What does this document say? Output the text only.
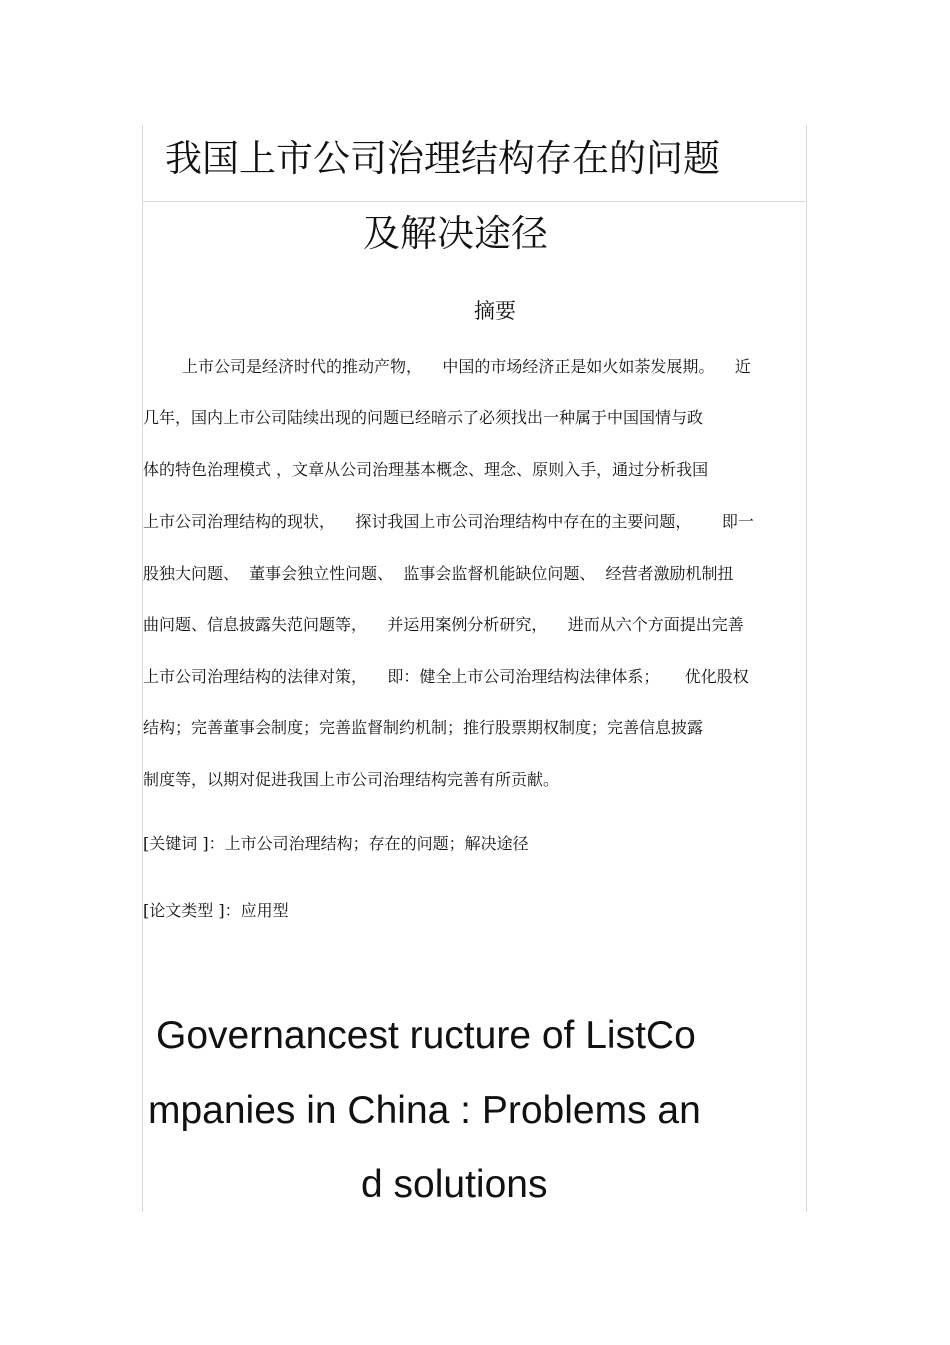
我国上市公司治理结构存在的问题
及解决途径
摘要
上市公司是经济时代的推动产物，    中国的市场经济正是如火如荼发展期。    近
几年，国内上市公司陆续出现的问题已经暗示了必须找出一种属于中国国情与政
体的特色治理模式 ，文章从公司治理基本概念、理念、原则入手，通过分析我国
上市公司治理结构的现状，    探讨我国上市公司治理结构中存在的主要问题，      即一
股独大问题、  董事会独立性问题、  监事会监督机能缺位问题、  经营者激励机制扭
曲问题、信息披露失范问题等，    并运用案例分析研究，    进而从六个方面提出完善
上市公司治理结构的法律对策，    即：健全上市公司治理结构法律体系；     优化股权
结构；完善董事会制度；完善监督制约机制；推行股票期权制度；完善信息披露
制度等，以期对促进我国上市公司治理结构完善有所贡献。
[关键词 ]：上市公司治理结构；存在的问题；解决途径
[论文类型 ]：应用型
Governancest ructure of ListCo
mpanies in China : Problems an
d solutions
